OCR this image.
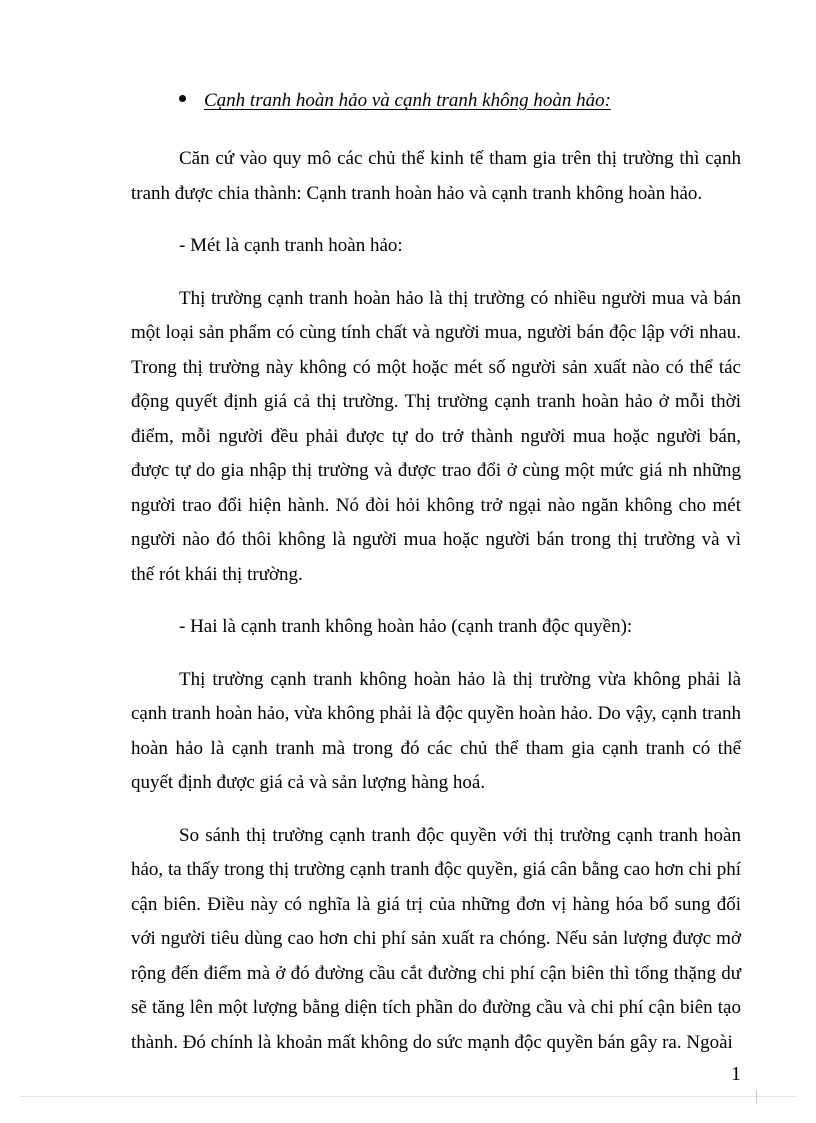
Cạnh tranh hoàn hảo và cạnh tranh không hoàn hảo:

Căn cứ vào quy mô các chủ thể kinh tế tham gia trên thị trường thì cạnh tranh được chia thành: Cạnh tranh hoàn hảo và cạnh tranh không hoàn hảo.

- Mét là cạnh tranh hoàn hảo:

Thị trường cạnh tranh hoàn hảo là thị trường có nhiều người mua và bán một loại sản phẩm có cùng tính chất và người mua, người bán độc lập với nhau. Trong thị trường này không có một hoặc mét số người sản xuất nào có thể tác động quyết định giá cả thị trường. Thị trường cạnh tranh hoàn hảo ở mỗi thời điểm, mỗi người đều phải được tự do trở thành người mua hoặc người bán, được tự do gia nhập thị trường và được trao đổi ở cùng một mức giá nh những người trao đổi hiện hành. Nó đòi hỏi không trở ngại nào ngăn không cho mét người nào đó thôi không là người mua hoặc người bán trong thị trường và vì thế rót khái thị trường.

- Hai là cạnh tranh không hoàn hảo (cạnh tranh độc quyền):

Thị trường cạnh tranh không hoàn hảo là thị trường vừa không phải là cạnh tranh hoàn hảo, vừa không phải là độc quyền hoàn hảo. Do vậy, cạnh tranh hoàn hảo là cạnh tranh mà trong đó các chủ thể tham gia cạnh tranh có thể quyết định được giá cả và sản lượng hàng hoá.

So sánh thị trường cạnh tranh độc quyền với thị trường cạnh tranh hoàn hảo, ta thấy trong thị trường cạnh tranh độc quyền, giá cân bằng cao hơn chi phí cận biên. Điều này có nghĩa là giá trị của những đơn vị hàng hóa bổ sung đối với người tiêu dùng cao hơn chi phí sản xuất ra chóng. Nếu sản lượng được mở rộng đến điểm mà ở đó đường cầu cắt đường chi phí cận biên thì tổng thặng dư sẽ tăng lên một lượng bằng diện tích phần do đường cầu và chi phí cận biên tạo thành. Đó chính là khoản mất không do sức mạnh độc quyền bán gây ra. Ngoài

1
